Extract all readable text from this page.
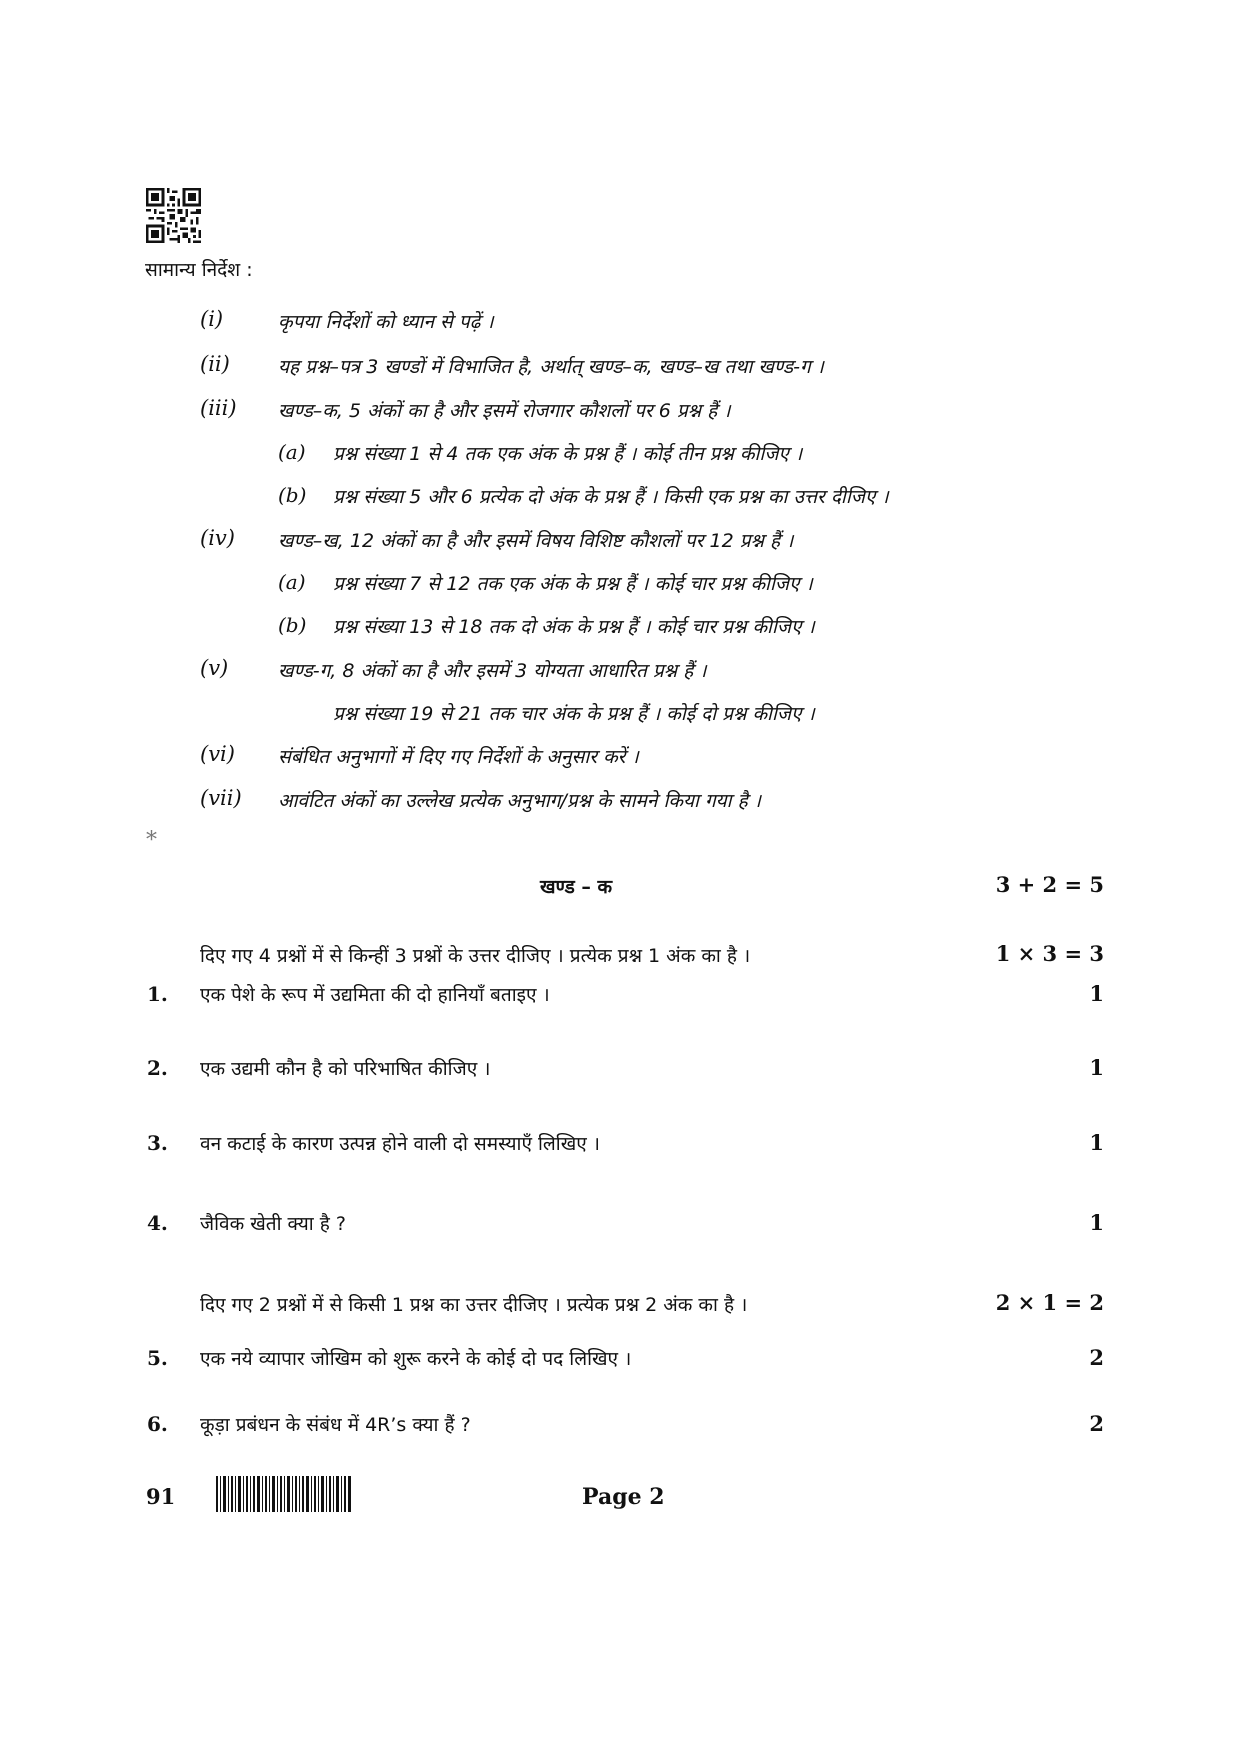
सामान्य निर्देश :
(i)	कृपया निर्देशों को ध्यान से पढ़ें ।
(ii)	यह प्रश्न–पत्र 3 खण्डों में विभाजित है, अर्थात् खण्ड–क, खण्ड–ख तथा खण्ड-ग ।
(iii) खण्ड–क, 5 अंकों का है और इसमें रोजगार कौशलों पर 6 प्रश्न हैं ।
(a) प्रश्न संख्या 1 से 4 तक एक अंक के प्रश्न हैं । कोई तीन प्रश्न कीजिए ।
(b) प्रश्न संख्या 5 और 6 प्रत्येक दो अंक के प्रश्न हैं । किसी एक प्रश्न का उत्तर दीजिए ।
(iv) खण्ड–ख, 12 अंकों का है और इसमें विषय विशिष्ट कौशलों पर 12 प्रश्न हैं ।
(a) प्रश्न संख्या 7 से 12 तक एक अंक के प्रश्न हैं । कोई चार प्रश्न कीजिए ।
(b) प्रश्न संख्या 13 से 18 तक दो अंक के प्रश्न हैं । कोई चार प्रश्न कीजिए ।
(v)	खण्ड-ग, 8 अंकों का है और इसमें 3 योग्यता आधारित प्रश्न हैं ।
प्रश्न संख्या 19 से 21 तक चार अंक के प्रश्न हैं । कोई दो प्रश्न कीजिए ।
(vi) संबंधित अनुभागों में दिए गए निर्देशों के अनुसार करें ।
(vii) आवंटित अंकों का उल्लेख प्रत्येक अनुभाग/प्रश्न के सामने किया गया है ।
*
खण्ड – क	3 + 2 = 5
दिए गए 4 प्रश्नों में से किन्हीं 3 प्रश्नों के उत्तर दीजिए । प्रत्येक प्रश्न 1 अंक का है ।	1 × 3 = 3
1. एक पेशे के रूप में उद्यमिता की दो हानियाँ बताइए ।	1
2. एक उद्यमी कौन है को परिभाषित कीजिए ।	1
3. वन कटाई के कारण उत्पन्न होने वाली दो समस्याएँ लिखिए ।	1
4. जैविक खेती क्या है ?	1
दिए गए 2 प्रश्नों में से किसी 1 प्रश्न का उत्तर दीजिए । प्रत्येक प्रश्न 2 अंक का है ।	2 × 1 = 2
5. एक नये व्यापार जोखिम को शुरू करने के कोई दो पद लिखिए ।	2
6. कूड़ा प्रबंधन के संबंध में 4R’s क्या हैं ?	2
91	Page 2
